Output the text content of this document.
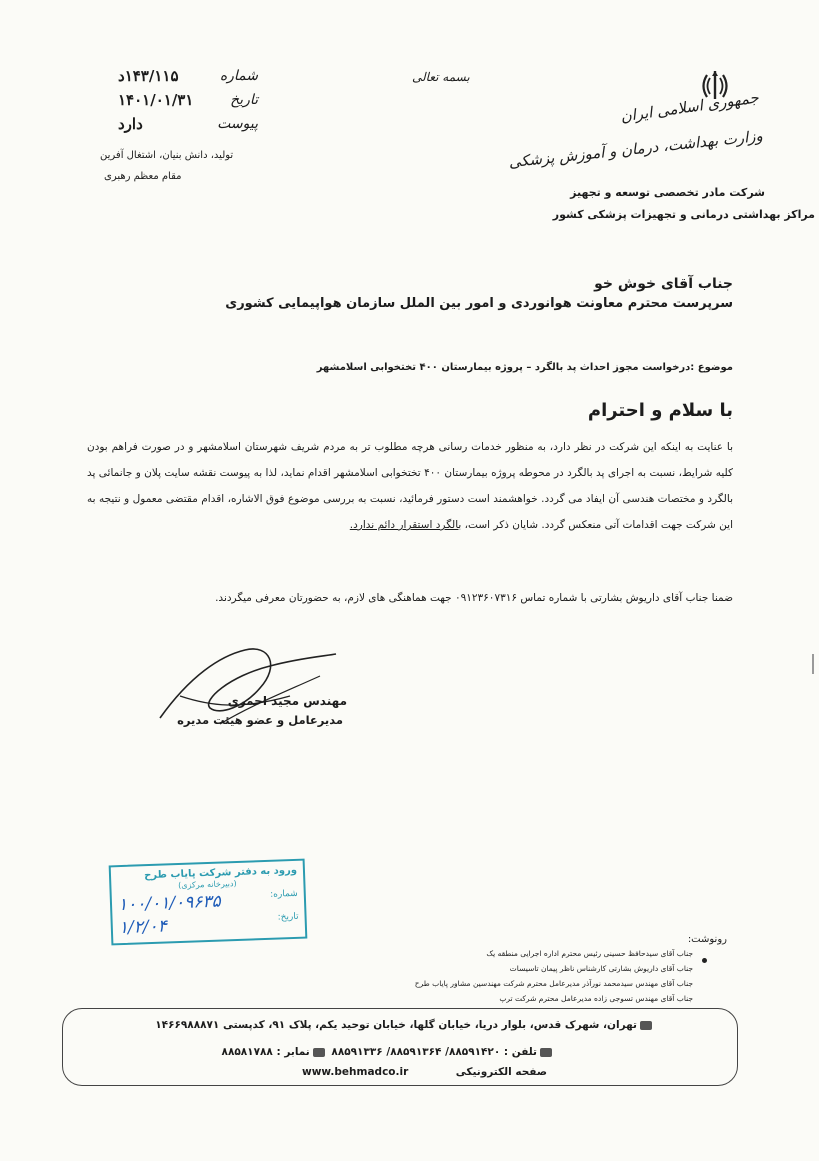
جمهوری اسلامی ایران
وزارت بهداشت، درمان و آموزش پزشکی
شرکت مادر تخصصی توسعه و تجهیز
مراکز بهداشتی درمانی و تجهیزات پزشکی کشور
بسمه تعالی
شماره
۱۴۳/۱۱۵د
تاریخ
۱۴۰۱/۰۱/۳۱
پیوست
دارد
تولید، دانش بنیان، اشتغال آفرین
مقام معظم رهبری
جناب آقای خوش خو
سرپرست محترم معاونت هوانوردی و امور بین الملل سازمان هواپیمایی کشوری
موضوع :درخواست مجوز احداث پد بالگرد – پروژه بیمارستان ۴۰۰ تختخوابی اسلامشهر
با سلام و احترام

با عنایت به اینکه این شرکت در نظر دارد، به منظور خدمات رسانی هرچه مطلوب تر به مردم شریف شهرستان اسلامشهر و در صورت فراهم بودن کلیه شرایط، نسبت به اجرای پد بالگرد در محوطه پروژه بیمارستان ۴۰۰ تختخوابی اسلامشهر اقدام نماید، لذا به پیوست نقشه سایت پلان و جانمائی پد بالگرد و مختصات هندسی آن ایفاد می گردد. خواهشمند است دستور فرمائید، نسبت به بررسی موضوع فوق الاشاره، اقدام مقتضی معمول و نتیجه به این شرکت جهت اقدامات آتی منعکس گردد. شایان ذکر است، بالگرد استقرار دائم ندارد.

ضمنا جناب آقای داریوش بشارتی با شماره تماس ۰۹۱۲۳۶۰۷۳۱۶ جهت هماهنگی های لازم، به حضورتان معرفی میگردند.
مهندس مجید احمری
مدیرعامل و عضو هیئت مدیره
ورود به دفتر شرکت پایاب طرح
(دبیرخانه مرکزی)
شماره:
۱۰۰/۰۱/۰۹۶۳۵
تاریخ:
۱/۲/۰۴
رونوشت:
جناب آقای سیدحافظ حسینی رئیس محترم اداره اجرایی منطقه یک
جناب آقای داریوش بشارتی کارشناس ناظر پیمان تاسیسات
جناب آقای مهندس سیدمحمد نورآذر مدیرعامل محترم شرکت مهندسین مشاور پایاب طرح
جناب آقای مهندس تسوجی زاده مدیرعامل محترم شرکت ترپ
تهران، شهرک قدس، بلوار دریا، خیابان گلها، خیابان توحید یکم، پلاک ۹۱، کدپستی ۱۴۶۶۹۸۸۸۷۱
تلفن : ۸۸۵۹۱۴۲۰/ ۸۸۵۹۱۳۶۴/ ۸۸۵۹۱۳۳۶ نمابر : ۸۸۵۸۱۷۸۸
صفحه الکترونیکی
www.behmadco.ir
